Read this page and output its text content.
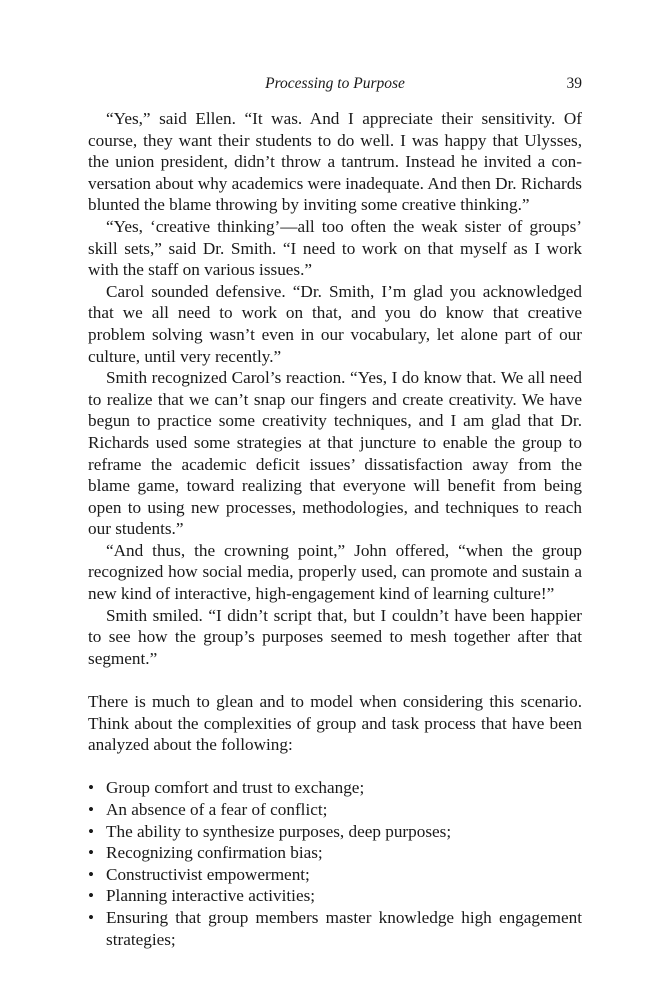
Processing to Purpose	39

“Yes,” said Ellen. “It was. And I appreciate their sensitivity. Of course, they want their students to do well. I was happy that Ulysses, the union president, didn’t throw a tantrum. Instead he invited a conversation about why academics were inadequate. And then Dr. Richards blunted the blame throwing by inviting some creative thinking.”

“Yes, ‘creative thinking’—all too often the weak sister of groups’ skill sets,” said Dr. Smith. “I need to work on that myself as I work with the staff on various issues.”

Carol sounded defensive. “Dr. Smith, I’m glad you acknowledged that we all need to work on that, and you do know that creative problem solving wasn’t even in our vocabulary, let alone part of our culture, until very recently.”

Smith recognized Carol’s reaction. “Yes, I do know that. We all need to realize that we can’t snap our fingers and create creativity. We have begun to practice some creativity techniques, and I am glad that Dr. Richards used some strategies at that juncture to enable the group to reframe the academic deficit issues’ dissatisfaction away from the blame game, toward realizing that everyone will benefit from being open to using new processes, methodologies, and techniques to reach our students.”

“And thus, the crowning point,” John offered, “when the group recognized how social media, properly used, can promote and sustain a new kind of interactive, high-engagement kind of learning culture!”

Smith smiled. “I didn’t script that, but I couldn’t have been happier to see how the group’s purposes seemed to mesh together after that segment.”

There is much to glean and to model when considering this scenario. Think about the complexities of group and task process that have been analyzed about the following:

• Group comfort and trust to exchange;
• An absence of a fear of conflict;
• The ability to synthesize purposes, deep purposes;
• Recognizing confirmation bias;
• Constructivist empowerment;
• Planning interactive activities;
• Ensuring that group members master knowledge high engagement strategies;
